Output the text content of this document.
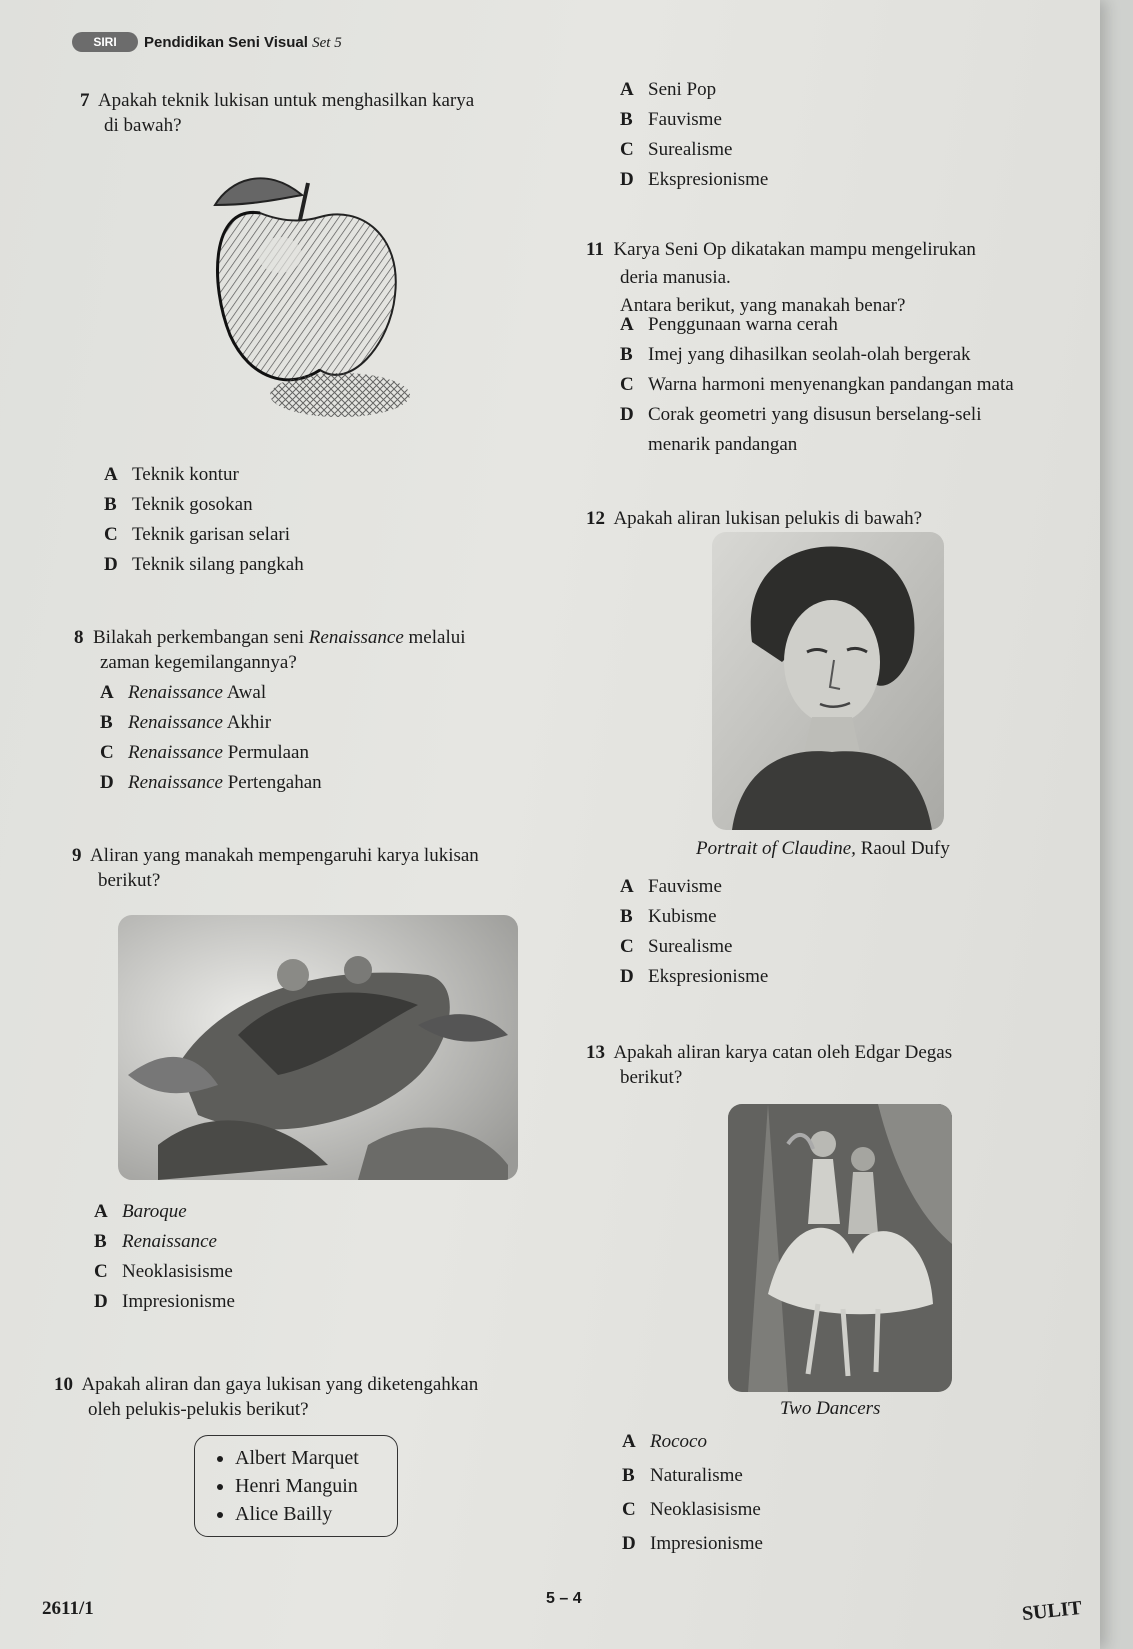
SIRI	Pendidikan Seni Visual Set 5
7 Apakah teknik lukisan untuk menghasilkan karya
di bawah?
A Teknik kontur
B Teknik gosokan
C Teknik garisan selari
D Teknik silang pangkah
8 Bilakah perkembangan seni Renaissance melalui
zaman kegemilangannya?
A Renaissance Awal
B Renaissance Akhir
C Renaissance Permulaan
D Renaissance Pertengahan
9 Aliran yang manakah mempengaruhi karya lukisan
berikut?
A Baroque
B Renaissance
C Neoklasisisme
D Impresionisme
10 Apakah aliran dan gaya lukisan yang diketengahkan
oleh pelukis-pelukis berikut?
• Albert Marquet
• Henri Manguin
• Alice Bailly
A Seni Pop
B Fauvisme
C Surealisme
D Ekspresionisme
11 Karya Seni Op dikatakan mampu mengelirukan
deria manusia.
Antara berikut, yang manakah benar?
A Penggunaan warna cerah
B Imej yang dihasilkan seolah-olah bergerak
C Warna harmoni menyenangkan pandangan mata
D Corak geometri yang disusun berselang-seli
menarik pandangan
12 Apakah aliran lukisan pelukis di bawah?
Portrait of Claudine, Raoul Dufy
A Fauvisme
B Kubisme
C Surealisme
D Ekspresionisme
13 Apakah aliran karya catan oleh Edgar Degas
berikut?
Two Dancers
A Rococo
B Naturalisme
C Neoklasisisme
D Impresionisme
2611/1	5 – 4	SULIT
